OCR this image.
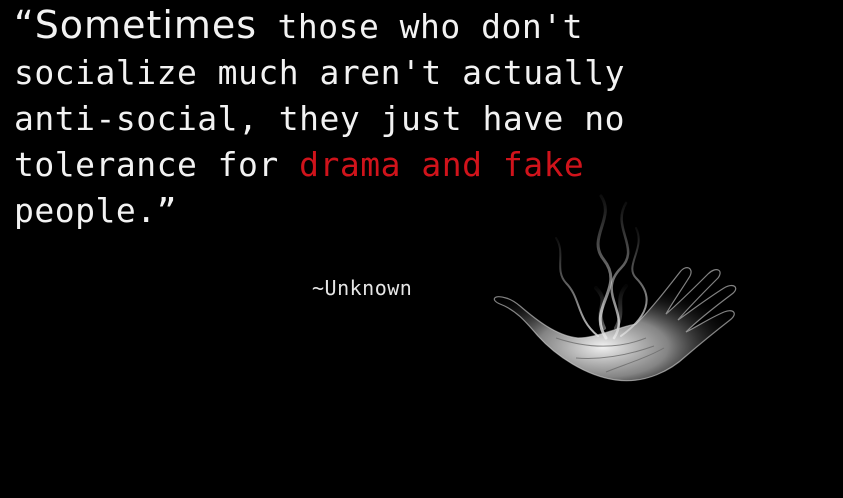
“Sometimes those who don't
socialize much aren't actually
anti-social, they just have no
tolerance for drama and fake
people.”
~Unknown
